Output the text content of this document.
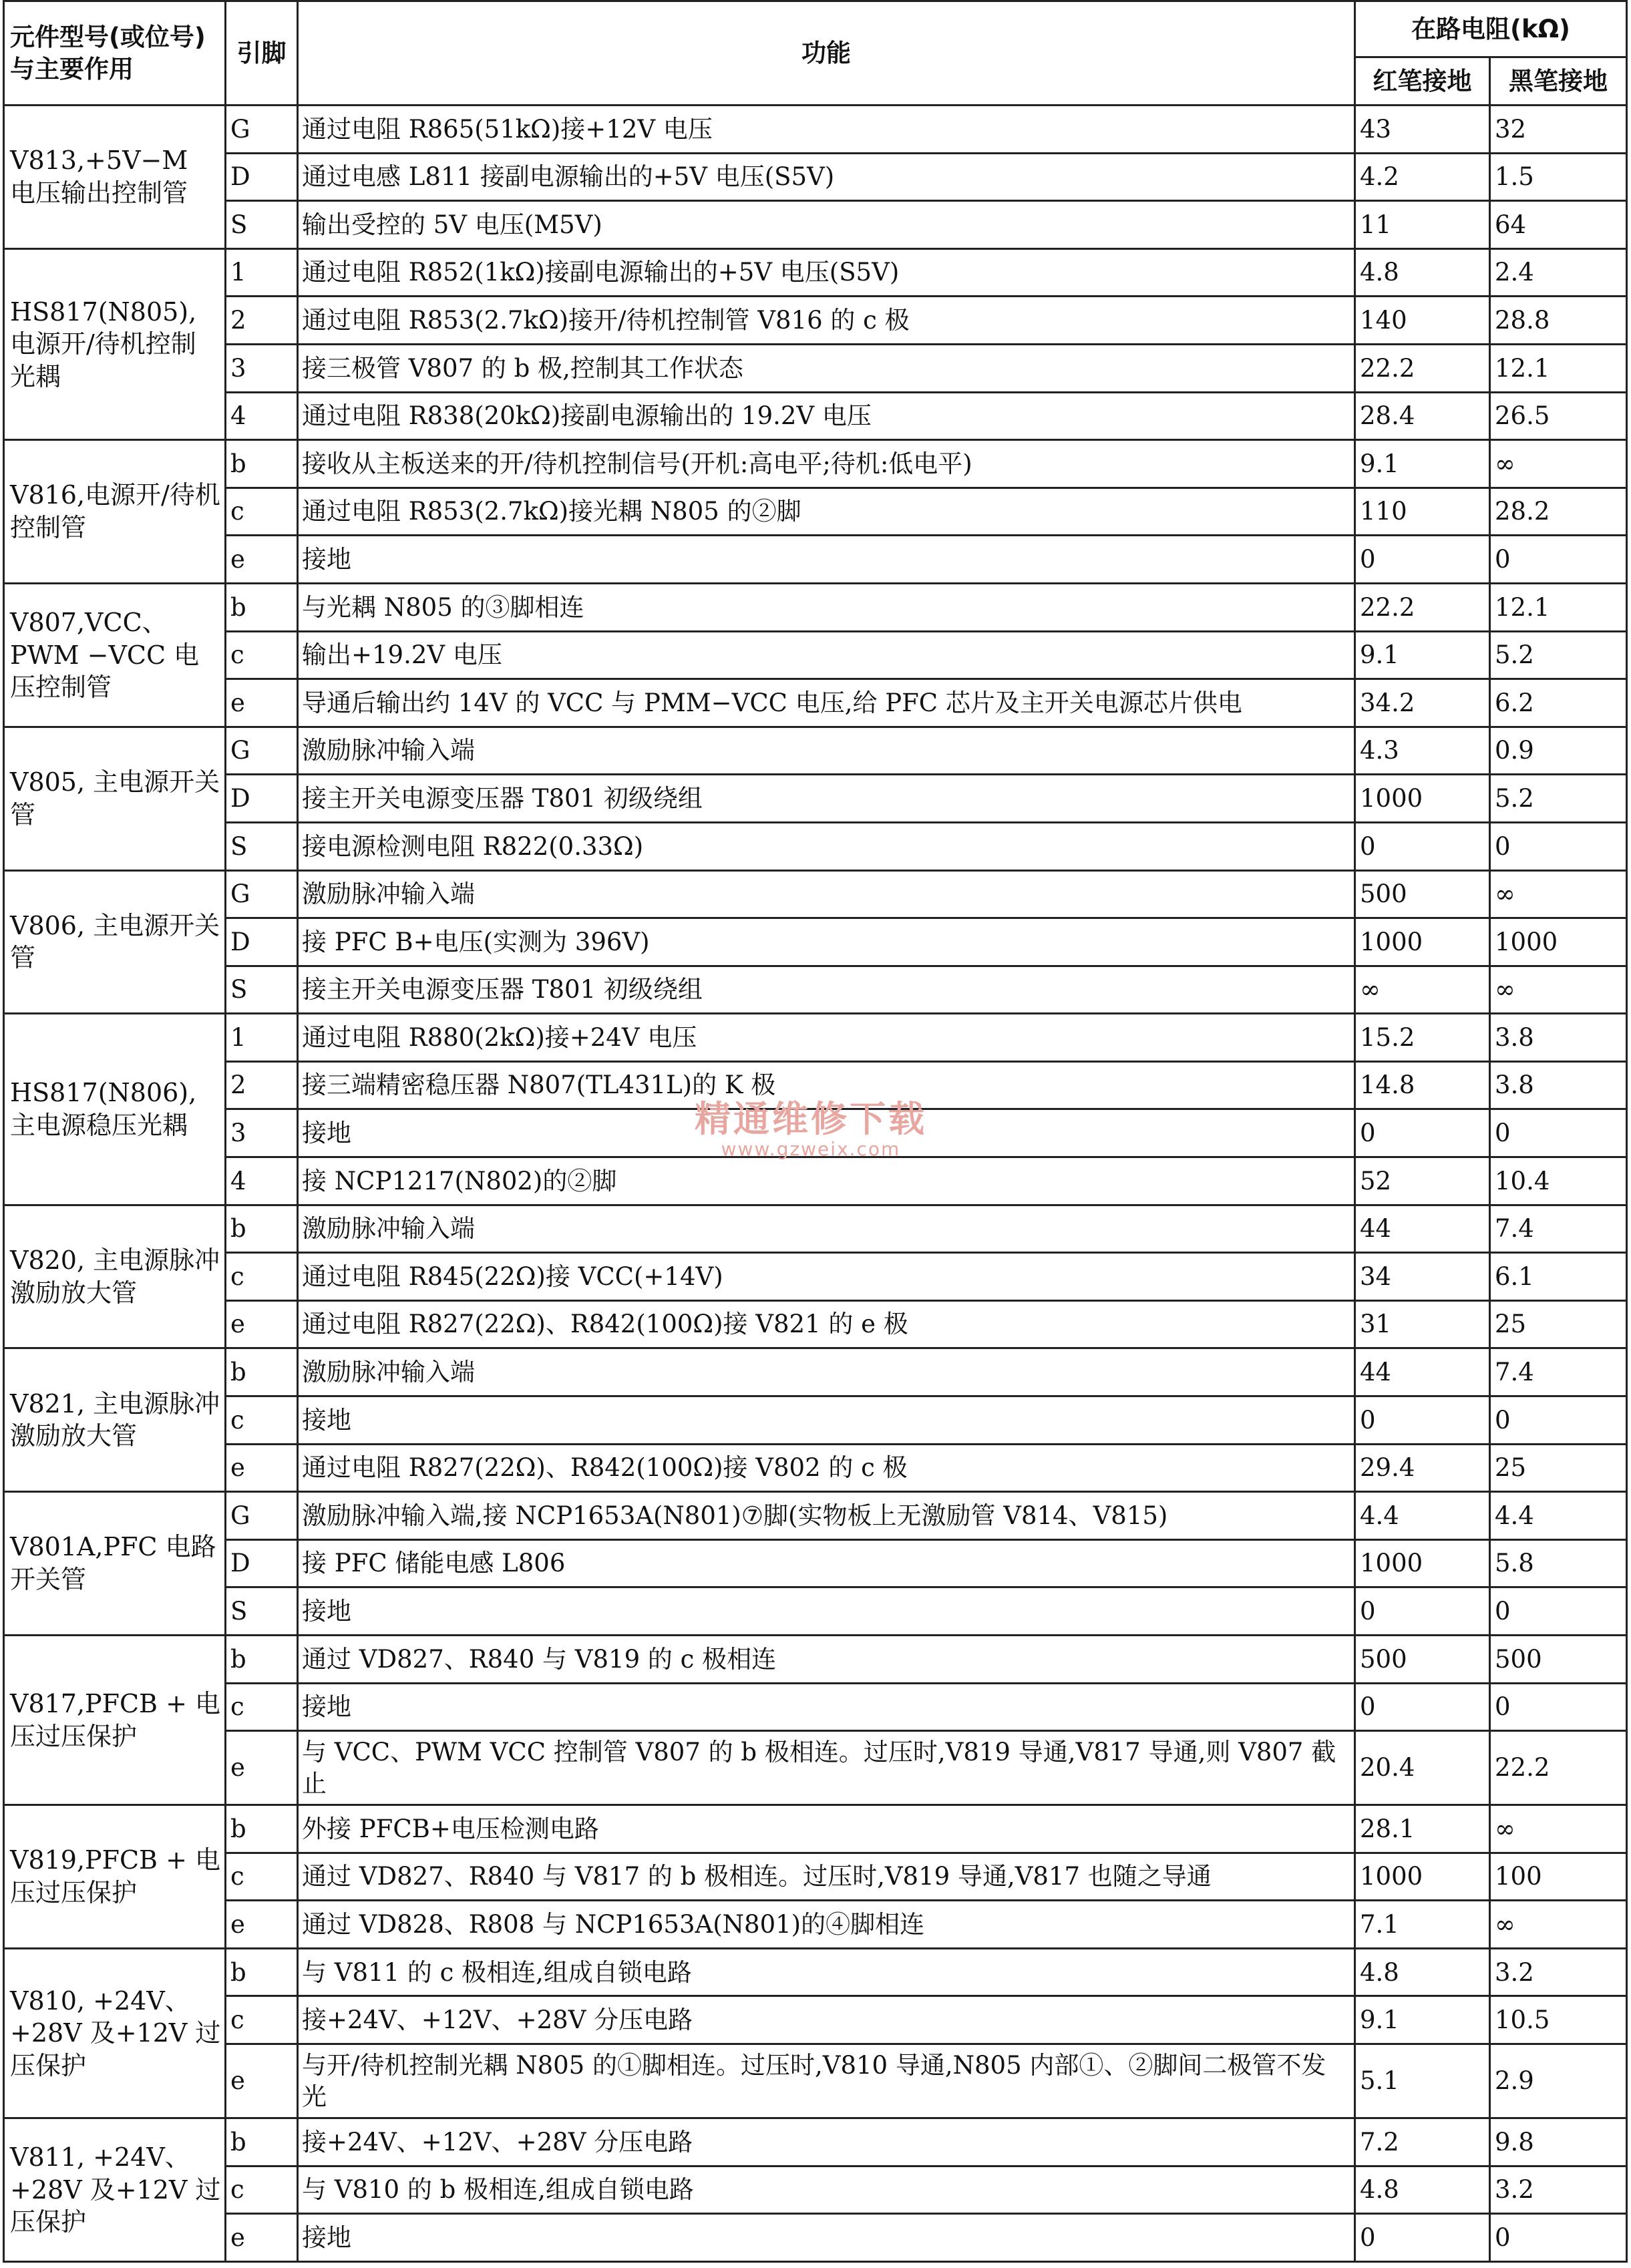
元件型号(或位号)与主要作用	引脚	功能	在路电阻(kΩ)	
			红笔接地	黑笔接地
V813,+5V−M 电压输出控制管	G	通过电阻 R865(51kΩ)接+12V 电压	43	32
	D	通过电感 L811 接副电源输出的+5V 电压(S5V)	4.2	1.5
	S	输出受控的 5V 电压(M5V)	11	64
HS817(N805),电源开/待机控制光耦	1	通过电阻 R852(1kΩ)接副电源输出的+5V 电压(S5V)	4.8	2.4
	2	通过电阻 R853(2.7kΩ)接开/待机控制管 V816 的 c 极	140	28.8
	3	接三极管 V807 的 b 极,控制其工作状态	22.2	12.1
	4	通过电阻 R838(20kΩ)接副电源输出的 19.2V 电压	28.4	26.5
V816,电源开/待机控制管	b	接收从主板送来的开/待机控制信号(开机:高电平;待机:低电平)	9.1	∞
	c	通过电阻 R853(2.7kΩ)接光耦 N805 的②脚	110	28.2
	e	接地	0	0
V807,VCC、PWM −VCC 电压控制管	b	与光耦 N805 的③脚相连	22.2	12.1
	c	输出+19.2V 电压	9.1	5.2
	e	导通后输出约 14V 的 VCC 与 PMM−VCC 电压,给 PFC 芯片及主开关电源芯片供电	34.2	6.2
V805, 主电源开关管	G	激励脉冲输入端	4.3	0.9
	D	接主开关电源变压器 T801 初级绕组	1000	5.2
	S	接电源检测电阻 R822(0.33Ω)	0	0
V806, 主电源开关管	G	激励脉冲输入端	500	∞
	D	接 PFC B+电压(实测为 396V)	1000	1000
	S	接主开关电源变压器 T801 初级绕组	∞	∞
HS817(N806),主电源稳压光耦	1	通过电阻 R880(2kΩ)接+24V 电压	15.2	3.8
	2	接三端精密稳压器 N807(TL431L)的 K 极	14.8	3.8
	3	接地	0	0
	4	接 NCP1217(N802)的②脚	52	10.4
V820, 主电源脉冲激励放大管	b	激励脉冲输入端	44	7.4
	c	通过电阻 R845(22Ω)接 VCC(+14V)	34	6.1
	e	通过电阻 R827(22Ω)、R842(100Ω)接 V821 的 e 极	31	25
V821, 主电源脉冲激励放大管	b	激励脉冲输入端	44	7.4
	c	接地	0	0
	e	通过电阻 R827(22Ω)、R842(100Ω)接 V802 的 c 极	29.4	25
V801A,PFC 电路开关管	G	激励脉冲输入端,接 NCP1653A(N801)⑦脚(实物板上无激励管 V814、V815)	4.4	4.4
	D	接 PFC 储能电感 L806	1000	5.8
	S	接地	0	0
V817,PFCB + 电压过压保护	b	通过 VD827、R840 与 V819 的 c 极相连	500	500
	c	接地	0	0
	e	与 VCC、PWM VCC 控制管 V807 的 b 极相连。过压时,V819 导通,V817 导通,则 V807 截止	20.4	22.2
V819,PFCB + 电压过压保护	b	外接 PFCB+电压检测电路	28.1	∞
	c	通过 VD827、R840 与 V817 的 b 极相连。过压时,V819 导通,V817 也随之导通	1000	100
	e	通过 VD828、R808 与 NCP1653A(N801)的④脚相连	7.1	∞
V810, +24V、+28V 及+12V 过压保护	b	与 V811 的 c 极相连,组成自锁电路	4.8	3.2
	c	接+24V、+12V、+28V 分压电路	9.1	10.5
	e	与开/待机控制光耦 N805 的①脚相连。过压时,V810 导通,N805 内部①、②脚间二极管不发光	5.1	2.9
V811, +24V、+28V 及+12V 过压保护	b	接+24V、+12V、+28V 分压电路	7.2	9.8
	c	与 V810 的 b 极相连,组成自锁电路	4.8	3.2
	e	接地	0	0
精通维修下载
www.gzweix.com
